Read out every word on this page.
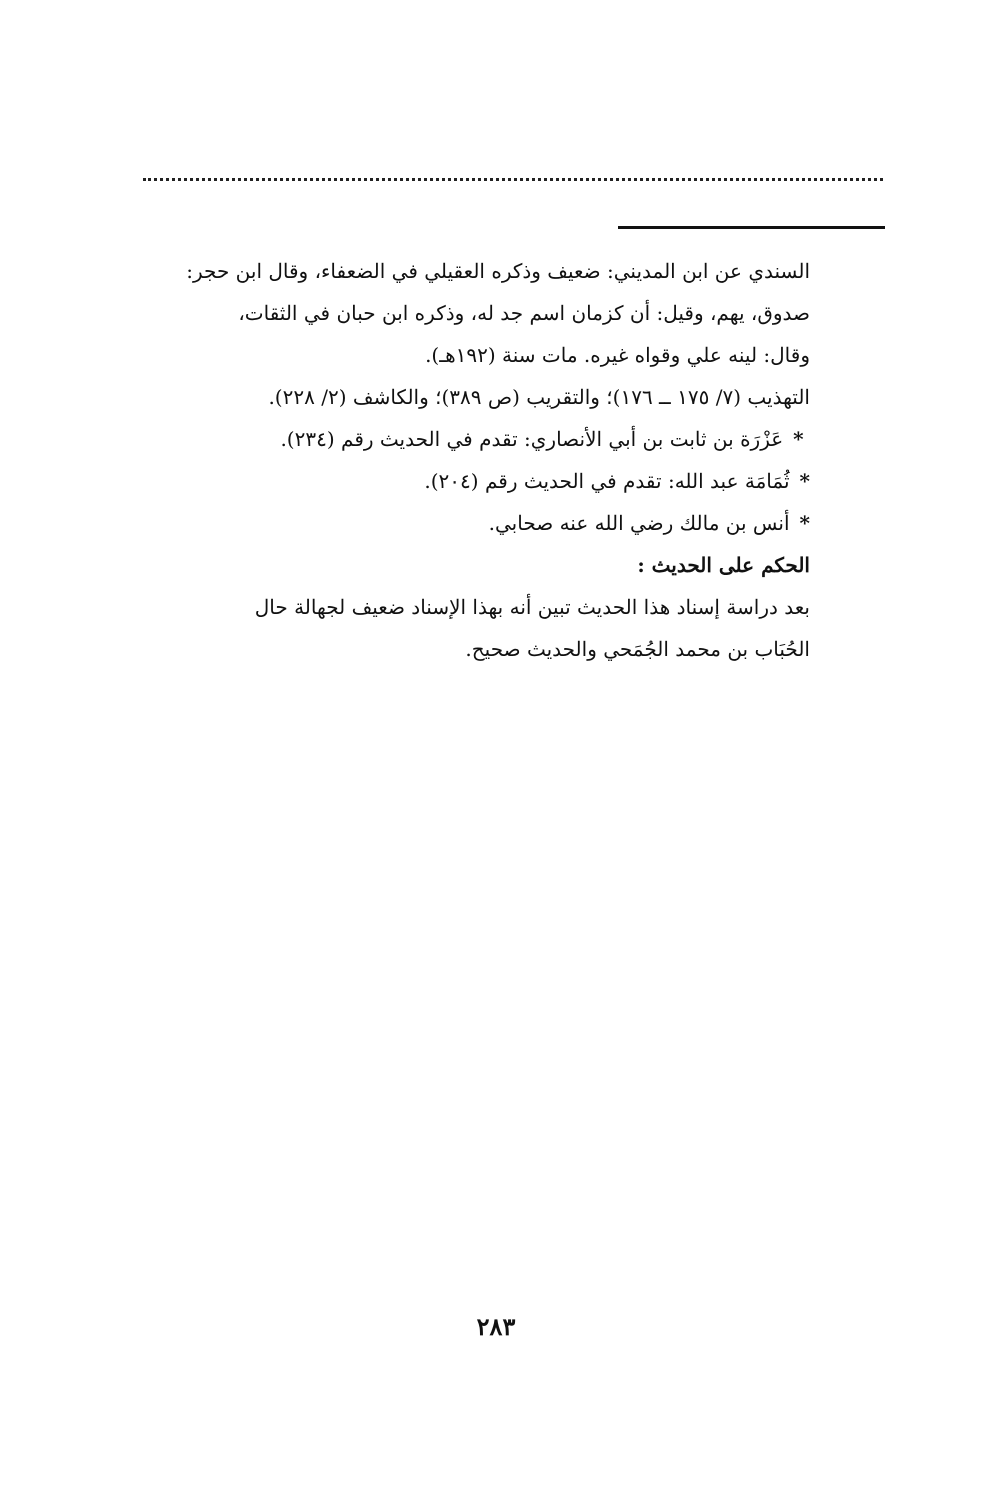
السندي عن ابن المديني: ضعيف وذكره العقيلي في الضعفاء، وقال ابن حجر:

صدوق، يهم، وقيل: أن كزمان اسم جد له، وذكره ابن حبان في الثقات،

وقال: لينه علي وقواه غيره. مات سنة (١٩٢هـ).

التهذيب (٧/ ١٧٥ ــ ١٧٦)؛ والتقريب (ص ٣٨٩)؛ والكاشف (٢/ ٢٢٨).

*عَزْرَة بن ثابت بن أبي الأنصاري: تقدم في الحديث رقم (٢٣٤).

*ثُمَامَة عبد الله: تقدم في الحديث رقم (٢٠٤).

*أنس بن مالك رضي الله عنه صحابي.

الحكم على الحديث :

بعد دراسة إسناد هذا الحديث تبين أنه بهذا الإسناد ضعيف لجهالة حال

الحُبَاب بن محمد الجُمَحي والحديث صحيح.

٢٨٣
